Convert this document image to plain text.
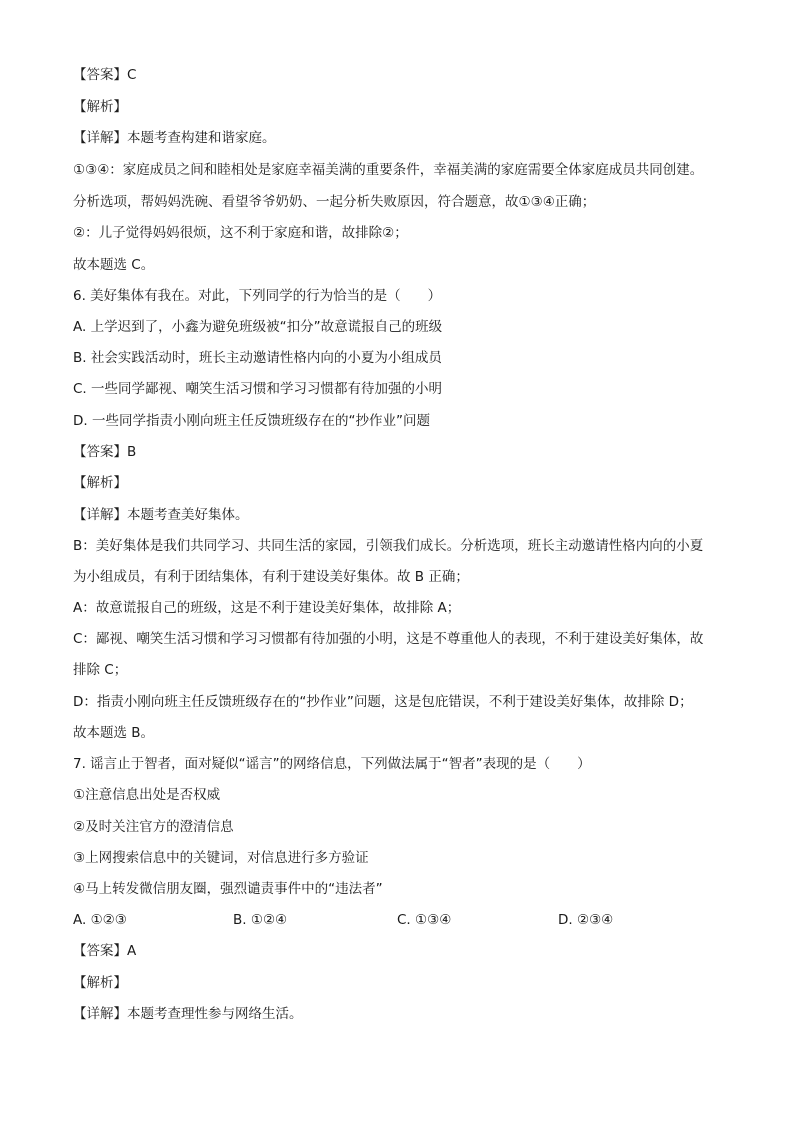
【答案】C
【解析】
【详解】本题考查构建和谐家庭。
①③④：家庭成员之间和睦相处是家庭幸福美满的重要条件，幸福美满的家庭需要全体家庭成员共同创建。
分析选项，帮妈妈洗碗、看望爷爷奶奶、一起分析失败原因，符合题意，故①③④正确；
②：儿子觉得妈妈很烦，这不利于家庭和谐，故排除②；
故本题选 C。
6. 美好集体有我在。对此，下列同学的行为恰当的是（　　）
A. 上学迟到了，小鑫为避免班级被“扣分”故意谎报自己的班级
B. 社会实践活动时，班长主动邀请性格内向的小夏为小组成员
C. 一些同学鄙视、嘲笑生活习惯和学习习惯都有待加强的小明
D. 一些同学指责小刚向班主任反馈班级存在的“抄作业”问题
【答案】B
【解析】
【详解】本题考查美好集体。
B：美好集体是我们共同学习、共同生活的家园，引领我们成长。分析选项，班长主动邀请性格内向的小夏
为小组成员，有利于团结集体，有利于建设美好集体。故 B 正确；
A：故意谎报自己的班级，这是不利于建设美好集体，故排除 A；
C：鄙视、嘲笑生活习惯和学习习惯都有待加强的小明，这是不尊重他人的表现，不利于建设美好集体，故
排除 C；
D：指责小刚向班主任反馈班级存在的“抄作业”问题，这是包庇错误，不利于建设美好集体，故排除 D；
故本题选 B。
7. 谣言止于智者，面对疑似“谣言”的网络信息，下列做法属于“智者”表现的是（　　）
①注意信息出处是否权威
②及时关注官方的澄清信息
③上网搜索信息中的关键词，对信息进行多方验证
④马上转发微信朋友圈，强烈谴责事件中的“违法者”
A. ①②③	B. ①②④	C. ①③④	D. ②③④
【答案】A
【解析】
【详解】本题考查理性参与网络生活。
